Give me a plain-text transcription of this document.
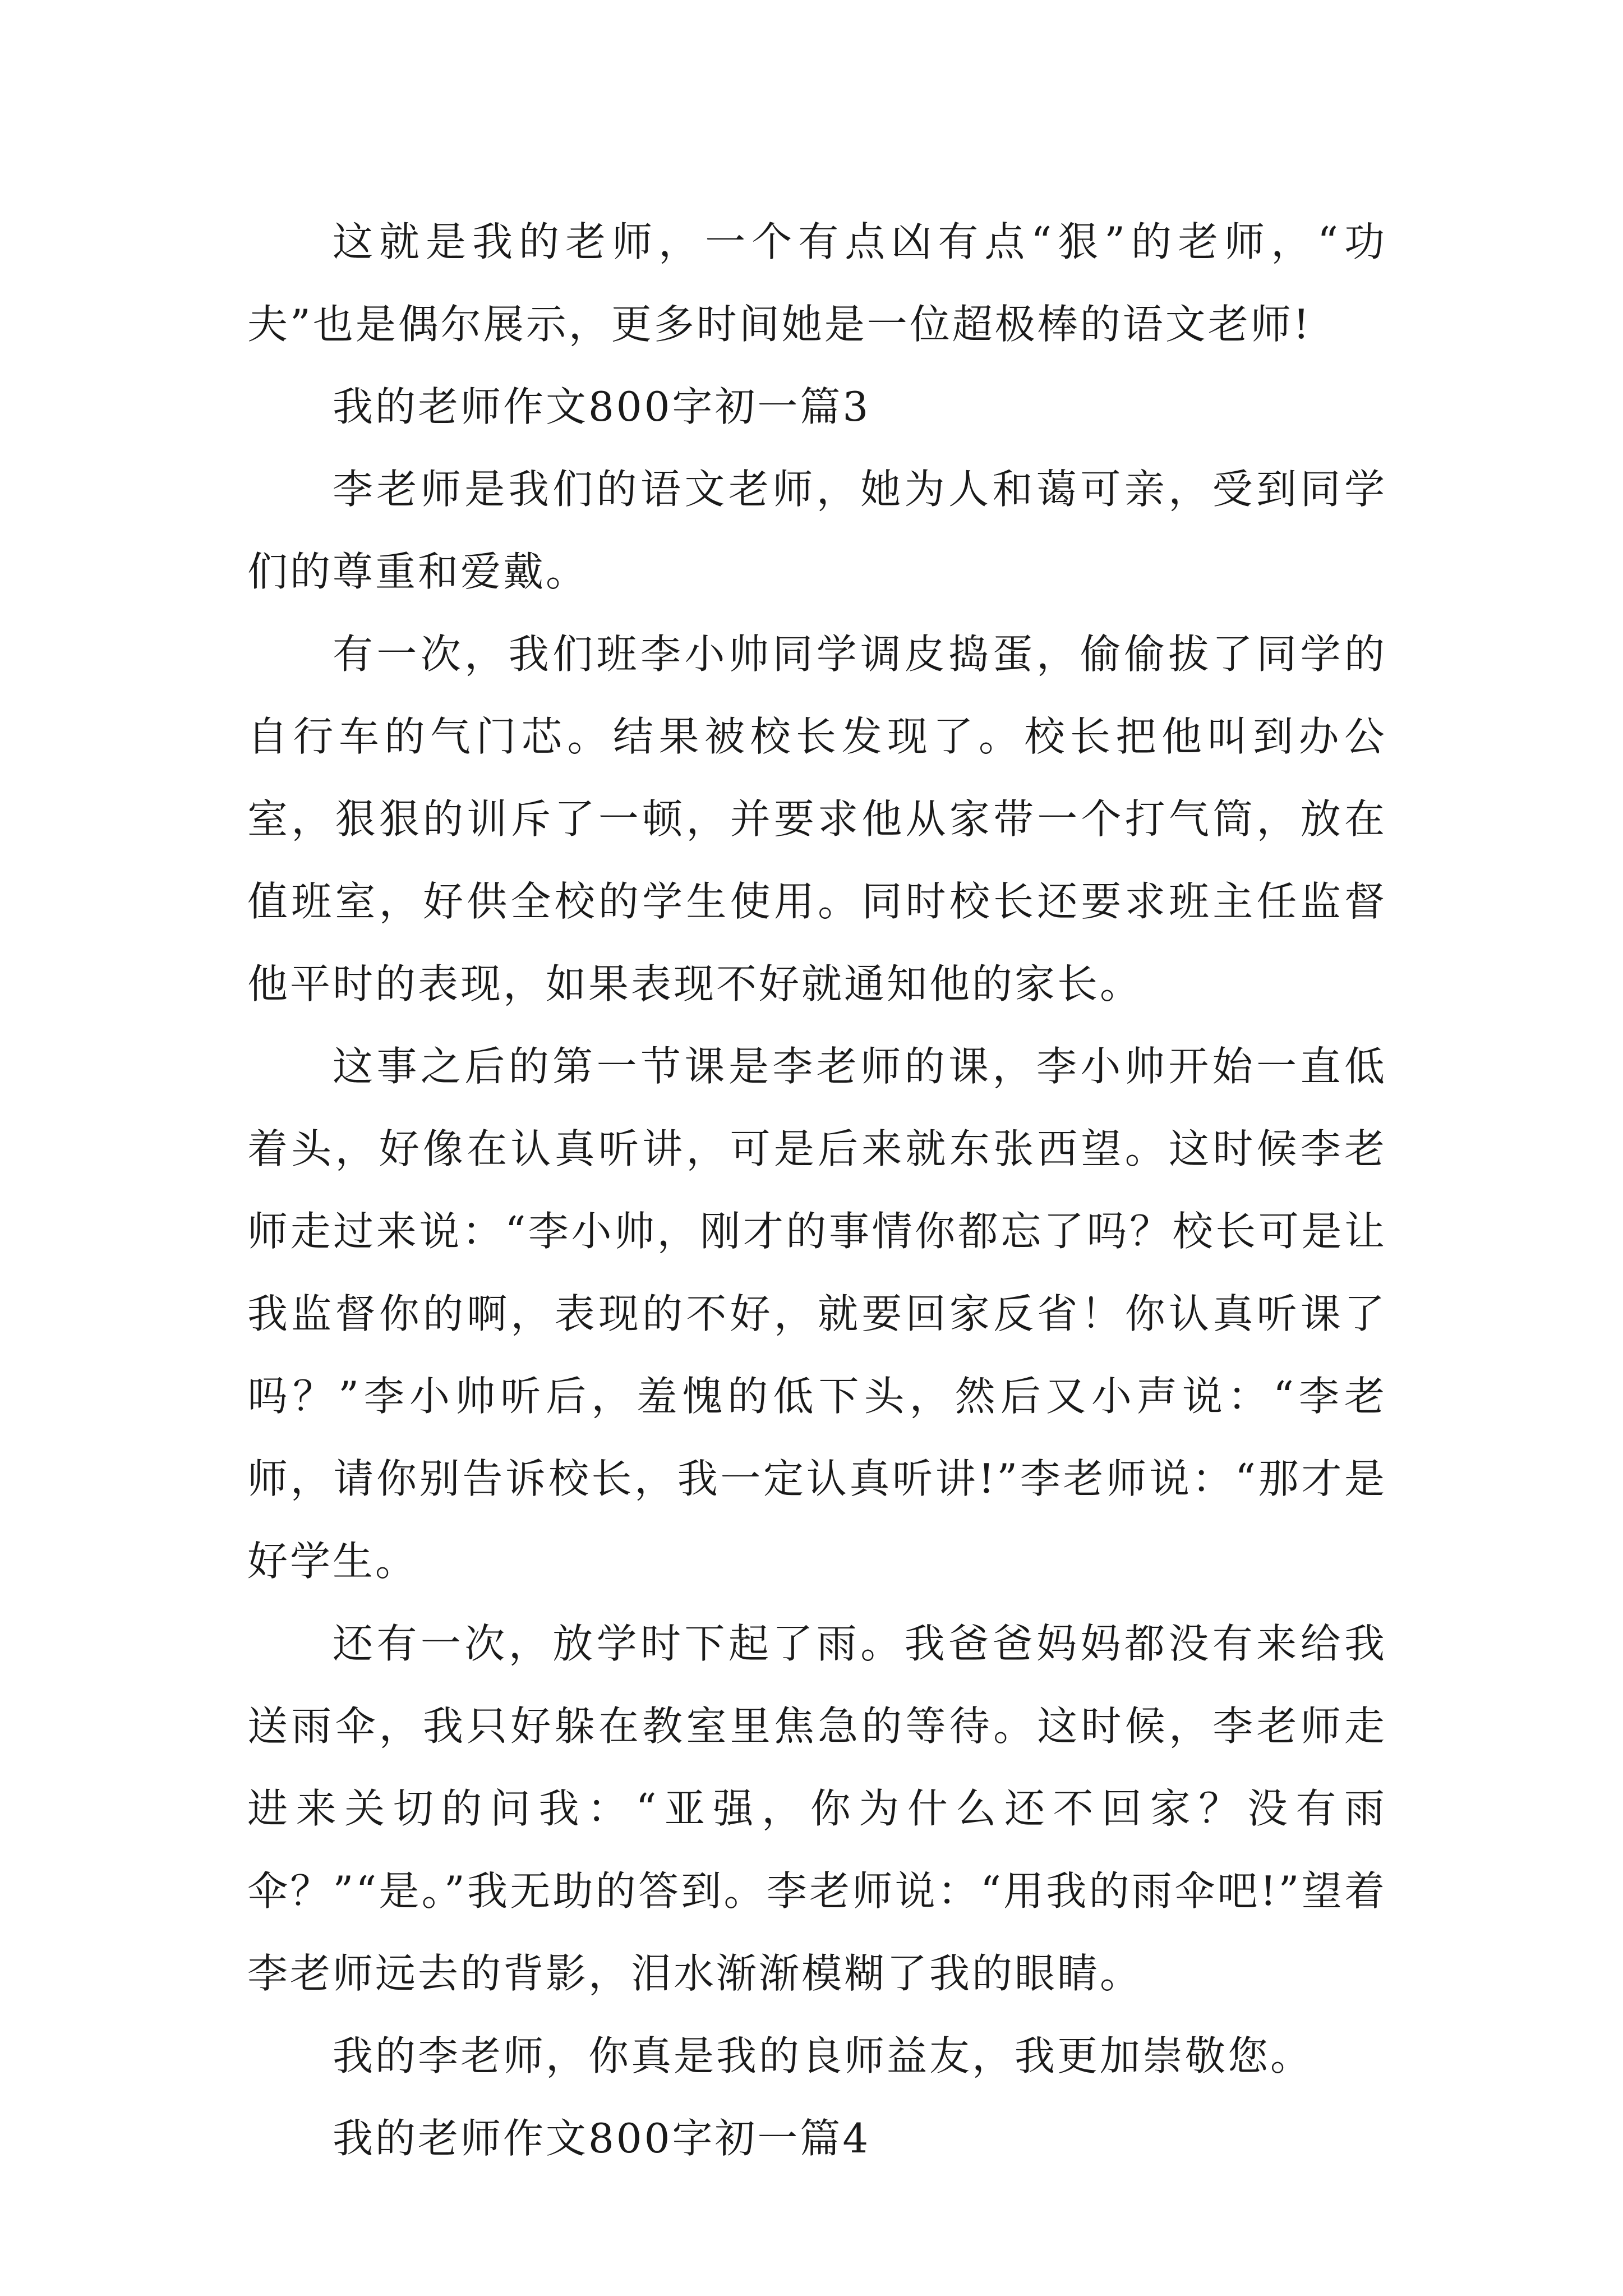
这就是我的老师，一个有点凶有点“狠”的老师，“功夫”也是偶尔展示，更多时间她是一位超极棒的语文老师!

我的老师作文800字初一篇3

李老师是我们的语文老师，她为人和蔼可亲，受到同学们的尊重和爱戴。

有一次，我们班李小帅同学调皮捣蛋，偷偷拔了同学的自行车的气门芯。结果被校长发现了。校长把他叫到办公室，狠狠的训斥了一顿，并要求他从家带一个打气筒，放在值班室，好供全校的学生使用。同时校长还要求班主任监督他平时的表现，如果表现不好就通知他的家长。

这事之后的第一节课是李老师的课，李小帅开始一直低着头，好像在认真听讲，可是后来就东张西望。这时候李老师走过来说：“李小帅，刚才的事情你都忘了吗？校长可是让我监督你的啊，表现的不好，就要回家反省！你认真听课了吗？”李小帅听后，羞愧的低下头，然后又小声说：“李老师，请你别告诉校长，我一定认真听讲!”李老师说：“那才是好学生。

还有一次，放学时下起了雨。我爸爸妈妈都没有来给我送雨伞，我只好躲在教室里焦急的等待。这时候，李老师走进来关切的问我：“亚强，你为什么还不回家？没有雨伞？”“是。”我无助的答到。李老师说：“用我的雨伞吧!”望着李老师远去的背影，泪水渐渐模糊了我的眼睛。

我的李老师，你真是我的良师益友，我更加崇敬您。

我的老师作文800字初一篇4
